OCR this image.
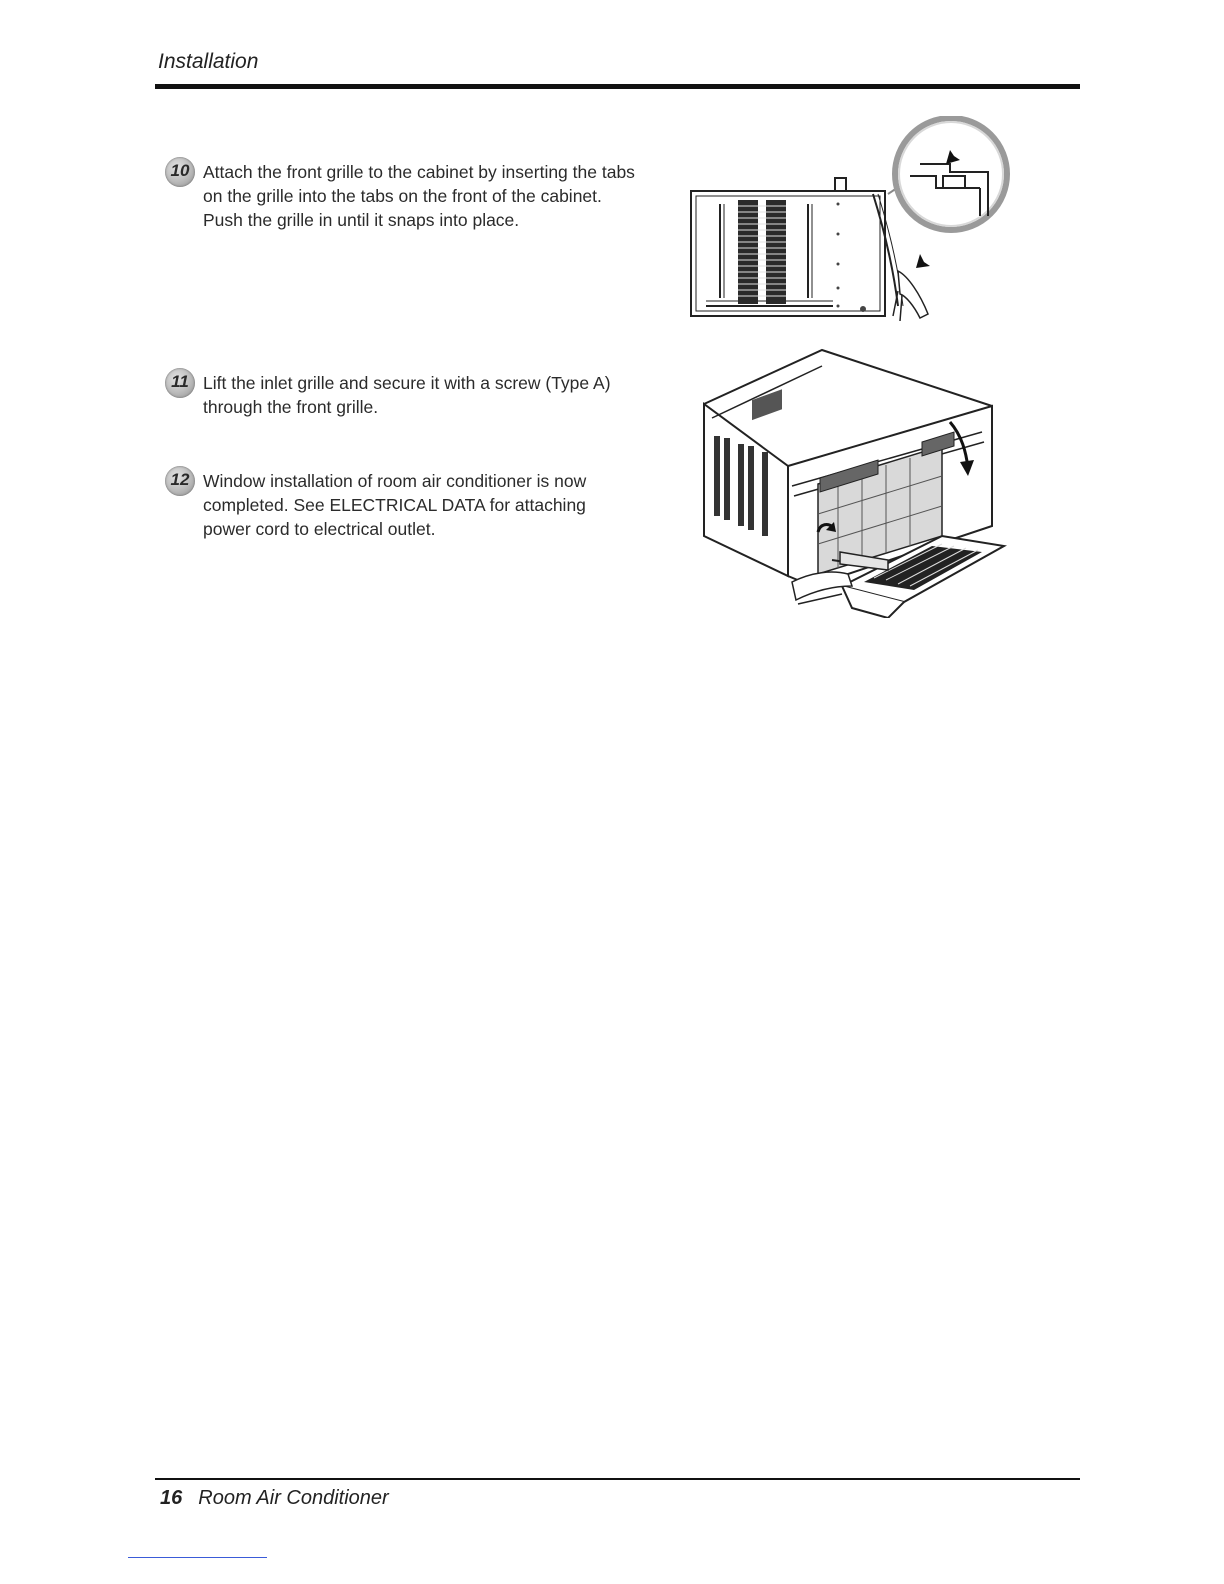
Installation
10 Attach the front grille to the cabinet by inserting the tabs on the grille into the tabs on the front of the cabinet. Push the grille in until it snaps into place.
11 Lift the inlet grille and secure it with a screw (Type A) through the front grille.
12 Window installation of room air conditioner is now completed. See ELECTRICAL DATA for attaching power cord to electrical outlet.
16 Room Air Conditioner
